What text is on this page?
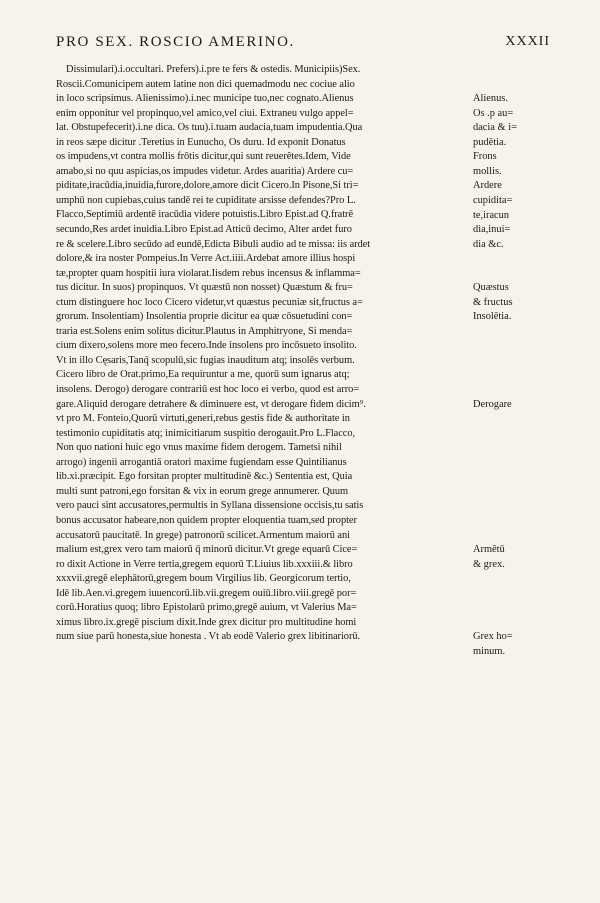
PRO SEX. ROSCIO AMERINO.	XXXII
Dissimulari).i.occultari. Prefers).i.pre te fers & ostedis. Municipiis)Sex.
Roscii.Comunicipem autem latine non dici quemadmodu nec cociue alio
in loco scripsimus. Alienissimo).i.nec municipe tuo,nec cognato.Alienus
enim opponitur vel propinquo,vel amico,vel ciui. Extraneu vulgo appel=
lat. Obstupefecerit).i.ne dica. Os tuu).i.tuam audacia,tuam impudentia.Qua
in reos sæpe dicitur .Teretius in Eunucho, Os duru. Id exponit Donatus
os impudens,vt contra mollis frôtis dicitur,qui sunt reuerêtes.Idem, Vide
amabo,si no quu aspicias,os impudes videtur. Ardes auaritia) Ardere cu=
piditate,iracūdia,inuidia,furore,dolore,amore dicit Cicero.In Pisone,Si tri=
umphū non cupiebas,cuius tandē rei te cupiditate arsisse defendes?Pro L.
Flacco,Septimiū ardentē iracūdia videre potuistis.Libro Epist.ad Q.fratrē
secundo,Res ardet inuidia.Libro Epist.ad Atticū decimo, Alter ardet furo
re & scelere.Libro secūdo ad eundē,Edicta Bibuli audio ad te missa: iis ardet
dolore,& ira noster Pompeius.In Verre Act.iiii.Ardebat amore illius hospi
tæ,propter quam hospitii iura violarat.Iisdem rebus incensus & inflamma=
tus dicitur. In suos) propinquos. Vt quæstū non nosset) Quæstum & fru=
ctum distinguere hoc loco Cicero videtur,vt quæstus pecuniæ sit,fructus a=
grorum. Insolentiam) Insolentia proprie dicitur ea quæ cōsuetudini con=
traria est.Solens enim solitus dicitur.Plautus in Amphitryone, Si menda=
cium dixero,solens more meo fecero.Inde insolens pro incōsueto insolito.
Vt in illo Cęsaris,Tanq̄ scopulū,sic fugias inauditum atq; insolēs verbum.
Cicero libro de Orat.primo,Ea requiruntur a me, quorū sum ignarus atq;
insolens. Derogo) derogare contrariū est hoc loco ei verbo, quod est arro=
gare.Aliquid derogare detrahere & diminuere est, vt derogare fidem dicim⁹.
vt pro M. Fonteio,Quorū virtuti,generi,rebus gestis fide & authoritate in
testimonio cupiditatis atq; inimicitiarum suspitio derogauit.Pro L.Flacco,
Non quo nationi huic ego vnus maxime fidem derogem. Tametsi nihil
arrogo) ingenii arrogantiā oratori maxime fugiendam esse Quintilianus
lib.xi.præcipit. Ego forsitan propter multitudinē &c.) Sententia est, Quia
multi sunt patroni,ego forsitan & vix in eorum grege annumerer. Quum
vero pauci sint accusatores,permultis in Syllana dissensione occisis,tu satis
bonus accusator habeare,non quidem propter eloquentia tuam,sed propter
accusatorū paucitatē. In grege) patronorū scilicet.Armentum maiorū ani
malium est,grex vero tam maiorū q̄ minorū dicitur.Vt grege equarū Cice=
ro dixit Actione in Verre tertia,gregem equorū T.Liuius lib.xxxiii.& libro
xxxvii.gregē elephātorū,gregem boum Virgilius lib. Georgicorum tertio,
Idē lib.Aen.vi.gregem iuuencorū.lib.vii.gregem ouiū.libro.viii.gregē por=
corū.Horatius quoq; libro Epistolarū primo,gregē auium, vt Valerius Ma=
ximus libro.ix.gregē piscium dixit.Inde grex dicitur pro multitudine homi
num siue parū honesta,siue honesta . Vt ab eodē Valerio grex libitinariorū.
Alienus.
Os .p au=
dacia & i=
pudētia.
Frons
mollis.
Ardere
cupidita=
te,iracun
dia,inui=
dia &c.
Quæstus
& fructus
Insolētia.
Derogare
Armētū
& grex.
Grex ho=
minum.
